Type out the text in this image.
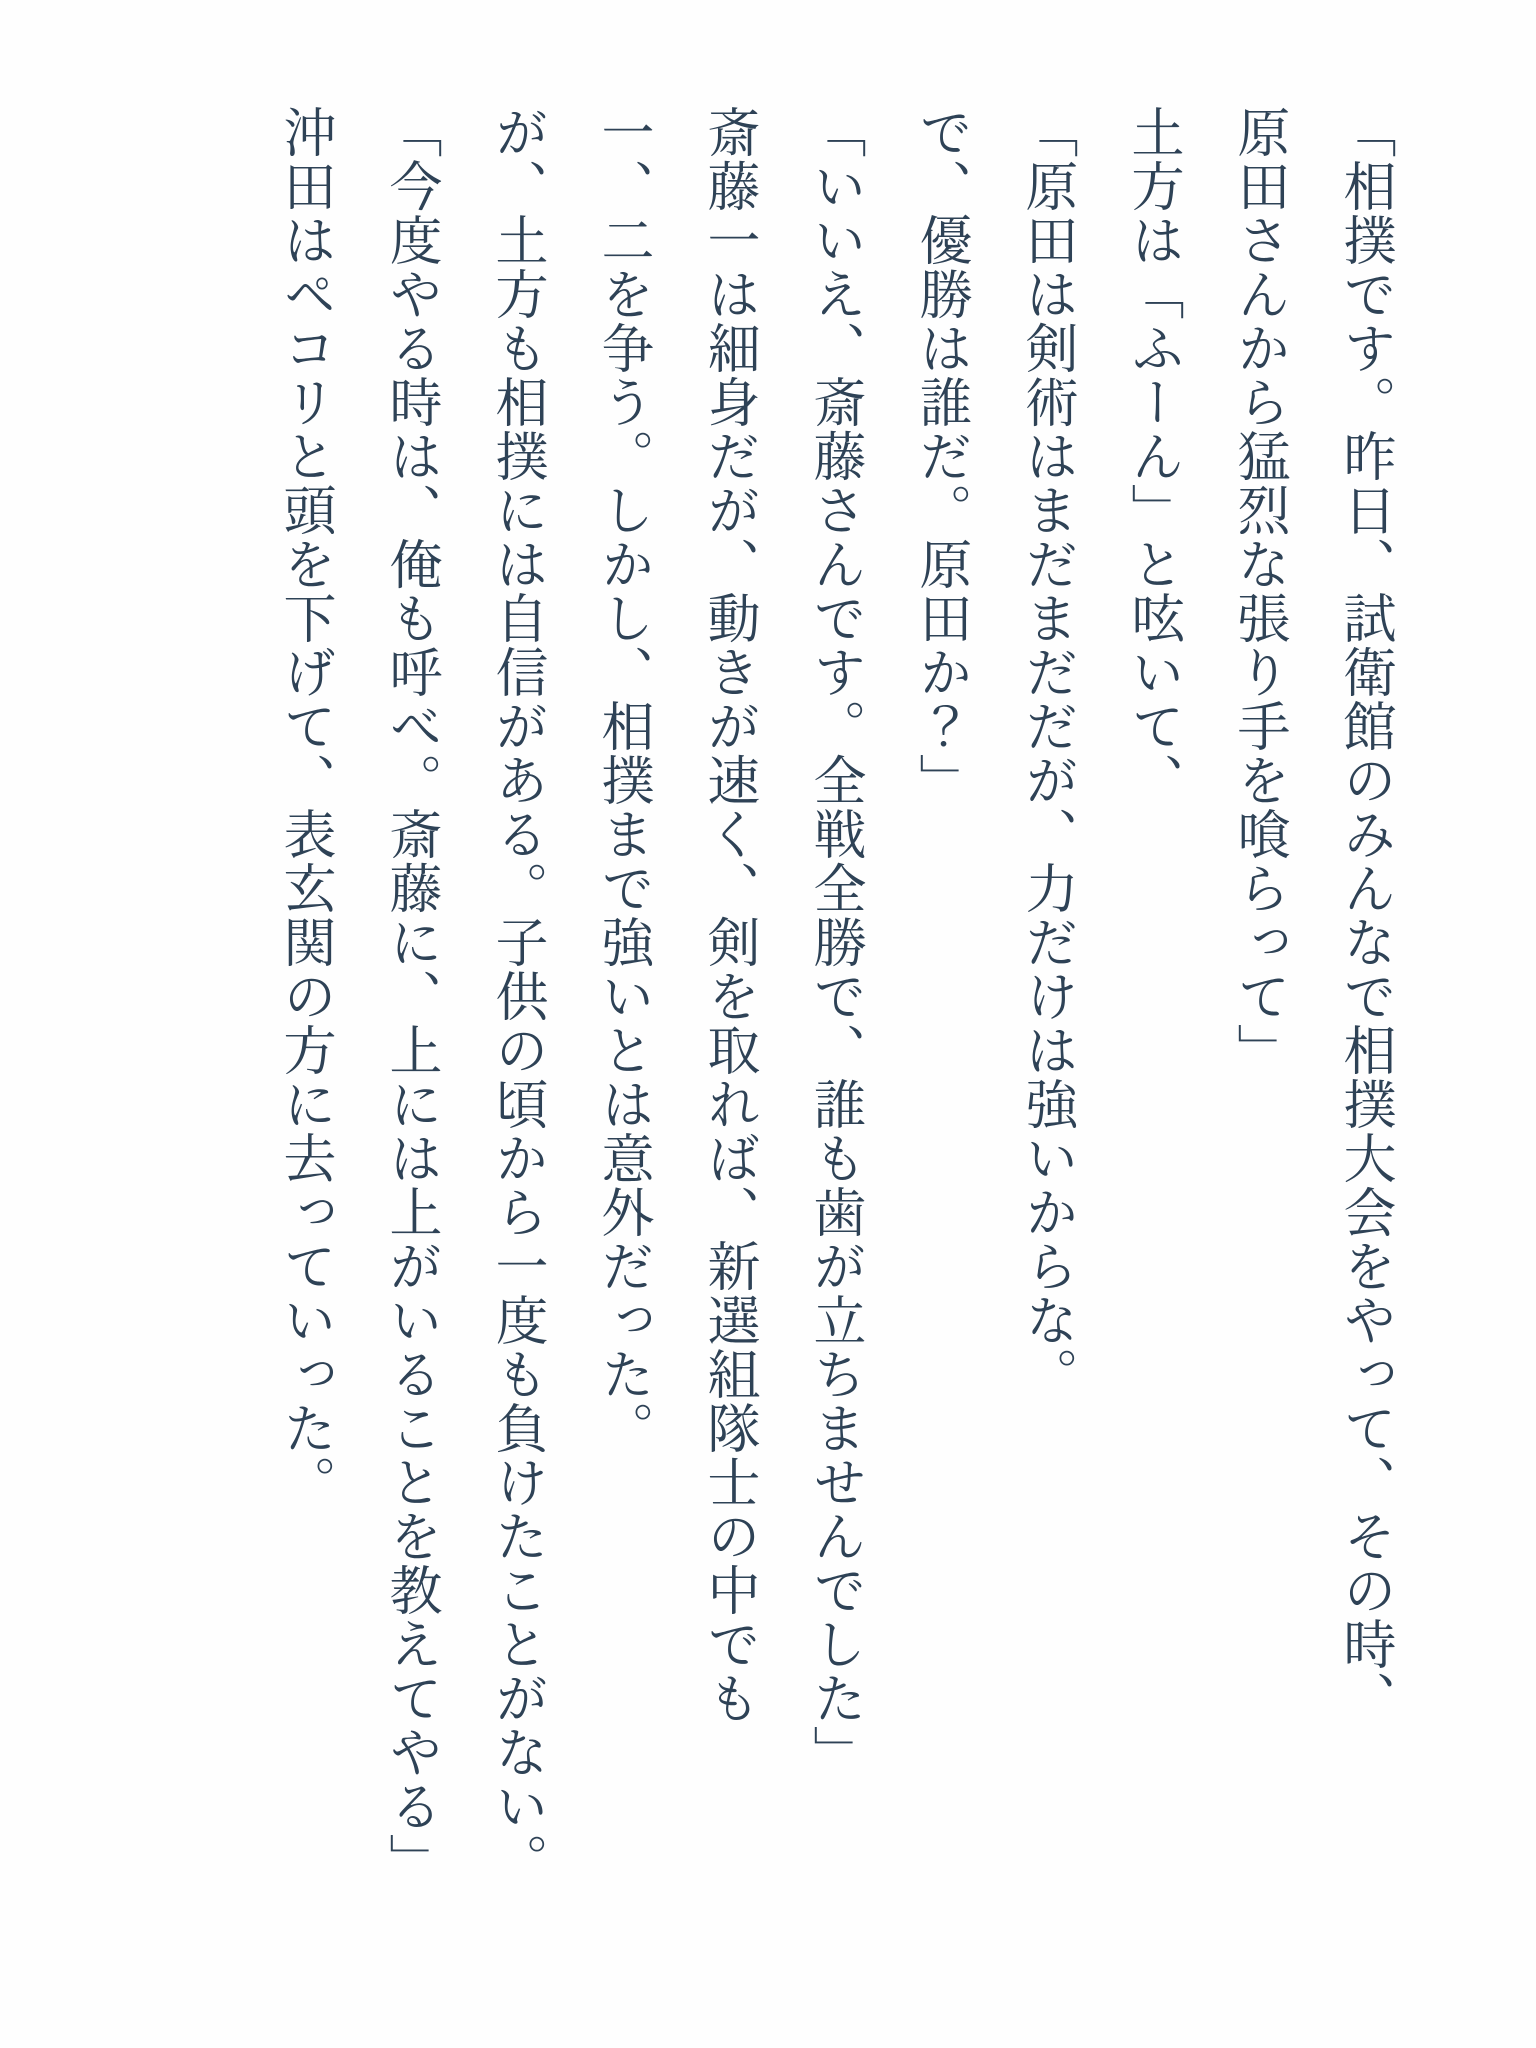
「相撲です。昨日、試衛館のみんなで相撲大会をやって、その時、

原田さんから猛烈な張り手を喰らって」

土方は「ふーん」と呟いて、

「原田は剣術はまだまだだが、力だけは強いからな。

で、優勝は誰だ。原田か？」

「いいえ、斎藤さんです。全戦全勝で、誰も歯が立ちませんでした」

斎藤一は細身だが、動きが速く、剣を取れば、新選組隊士の中でも

一、二を争う。しかし、相撲まで強いとは意外だった。

が、土方も相撲には自信がある。子供の頃から一度も負けたことがない。

「今度やる時は、俺も呼べ。斎藤に、上には上がいることを教えてやる」

沖田はペコリと頭を下げて、表玄関の方に去っていった。
